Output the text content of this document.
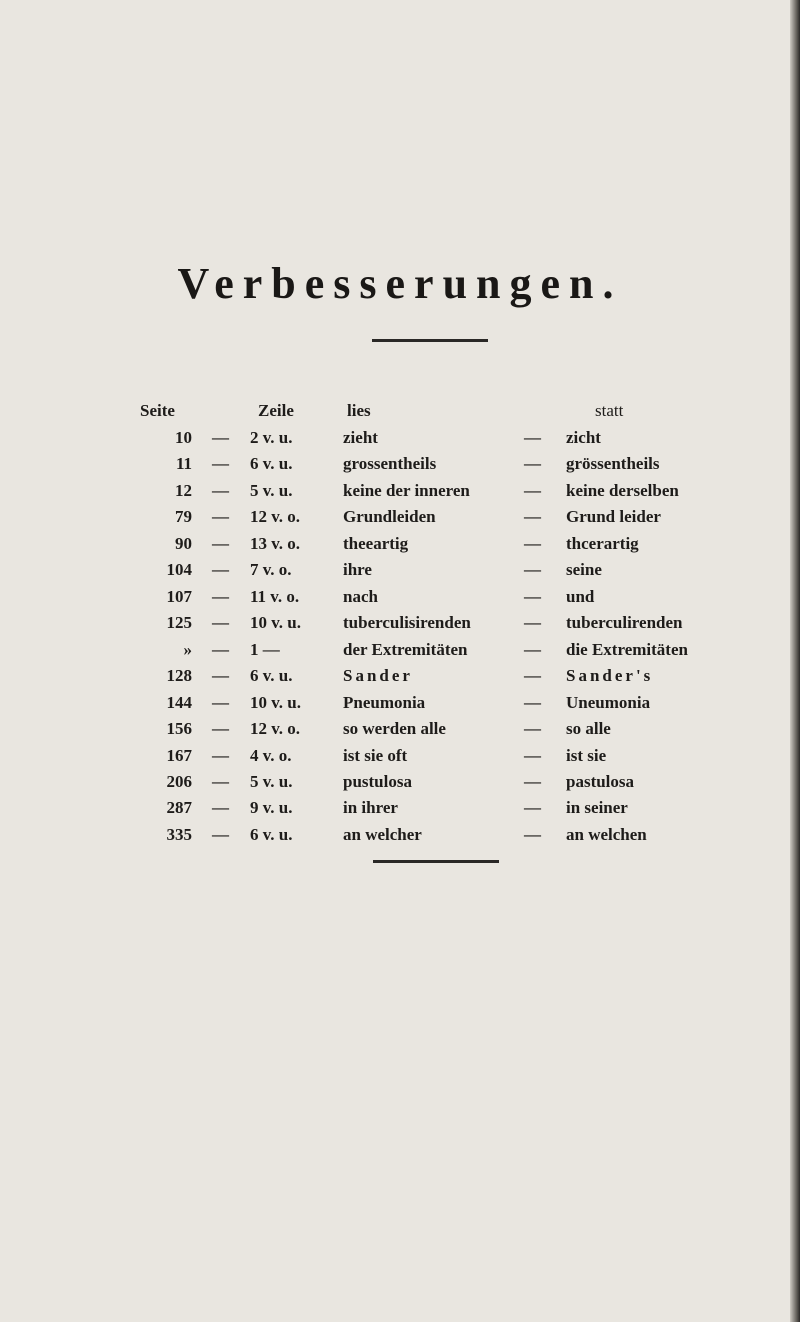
Verbesserungen.
Seite	Zeile	lies	statt
10 — 2 v. u.	zieht	— zicht
11 — 6 v. u.	grossentheils	— grössentheils
12 — 5 v. u.	keine der inneren	— keine derselben
79 — 12 v. o.	Grundleiden	— Grund leider
90 — 13 v. o.	theeartig	— thcerartig
104 — 7 v. o.	ihre	— seine
107 — 11 v. o.	nach	— und
125 — 10 v. u.	tuberculisirenden	— tuberculirenden
» — 1 —	der Extremitäten	— die Extremitäten
128 — 6 v. u.	Sander	— Sander's
144 — 10 v. u.	Pneumonia	— Uneumonia
156 — 12 v. o.	so werden alle	— so alle
167 — 4 v. o.	ist sie oft	— ist sie
206 — 5 v. u.	pustulosa	— pastulosa
287 — 9 v. u.	in ihrer	— in seiner
335 — 6 v. u.	an welcher	— an welchen
